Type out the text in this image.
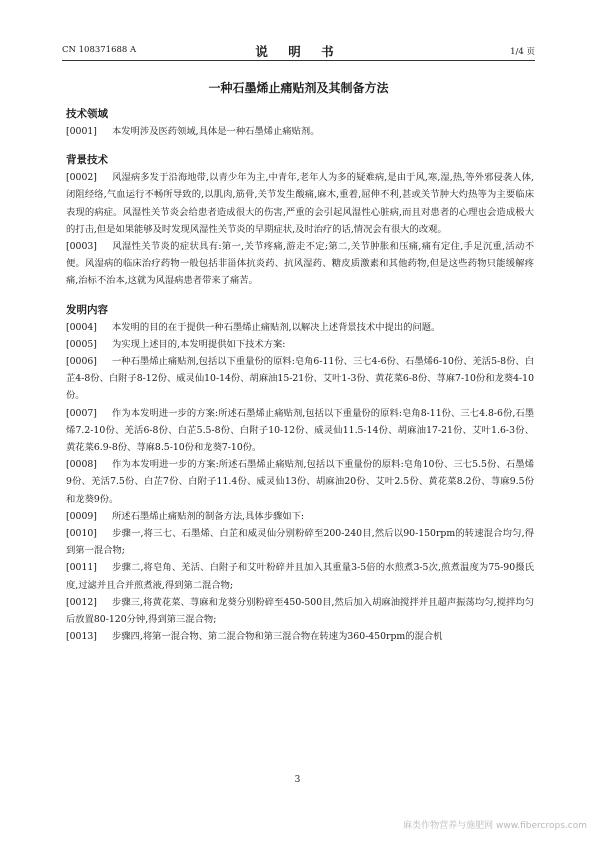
CN 108371688 A	说 明 书	1/4 页
一种石墨烯止痛贴剂及其制备方法
技术领域

[0001] 本发明涉及医药领域,具体是一种石墨烯止痛贴剂。

背景技术

[0002] 风湿病多发于沿海地带,以青少年为主,中青年,老年人为多的疑难病,是由于风,寒,湿,热,等外邪侵袭人体,闭阻经络,气血运行不畅所导致的,以肌肉,筋骨,关节发生酸痛,麻木,重着,屈伸不利,甚或关节肿大灼热等为主要临床表现的病症。风湿性关节炎会给患者造成很大的伤害,严重的会引起风湿性心脏病,而且对患者的心理也会造成极大的打击,但是如果能够及时发现风湿性关节炎的早期症状,及时治疗的话,情况会有很大的改观。

[0003] 风湿性关节炎的症状具有:第一,关节疼痛,游走不定;第二,关节肿胀和压痛,痛有定住,手足沉重,活动不便。风湿病的临床治疗药物一般包括非甾体抗炎药、抗风湿药、糖皮质激素和其他药物,但是这些药物只能缓解疼痛,治标不治本,这就为风湿病患者带来了痛苦。

发明内容

[0004] 本发明的目的在于提供一种石墨烯止痛贴剂,以解决上述背景技术中提出的问题。

[0005] 为实现上述目的,本发明提供如下技术方案:

[0006] 一种石墨烯止痛贴剂,包括以下重量份的原料:皂角6-11份、三七4-6份、石墨烯6-10份、羌活5-8份、白芷4-8份、白附子8-12份、威灵仙10-14份、胡麻油15-21份、艾叶1-3份、黄花菜6-8份、荨麻7-10份和龙葵4-10份。

[0007] 作为本发明进一步的方案:所述石墨烯止痛贴剂,包括以下重量份的原料:皂角8-11份、三七4.8-6份,石墨烯7.2-10份、羌活6-8份、白芷5.5-8份、白附子10-12份、威灵仙11.5-14份、胡麻油17-21份、艾叶1.6-3份、黄花菜6.9-8份、荨麻8.5-10份和龙葵7-10份。

[0008] 作为本发明进一步的方案:所述石墨烯止痛贴剂,包括以下重量份的原料:皂角10份、三七5.5份、石墨烯9份、羌活7.5份、白芷7份、白附子11.4份、威灵仙13份、胡麻油20份、艾叶2.5份、黄花菜8.2份、荨麻9.5份和龙葵9份。

[0009] 所述石墨烯止痛贴剂的制备方法,具体步骤如下:

[0010] 步骤一,将三七、石墨烯、白芷和威灵仙分别粉碎至200-240目,然后以90-150rpm的转速混合均匀,得到第一混合物;

[0011] 步骤二,将皂角、羌活、白附子和艾叶粉碎并且加入其重量3-5倍的水煎煮3-5次,煎煮温度为75-90摄氏度,过滤并且合并煎煮液,得到第二混合物;

[0012] 步骤三,将黄花菜、荨麻和龙葵分别粉碎至450-500目,然后加入胡麻油搅拌并且超声振荡均匀,搅拌均匀后放置80-120分钟,得到第三混合物;

[0013] 步骤四,将第一混合物、第二混合物和第三混合物在转速为360-450rpm的混合机

3
麻类作物营养与施肥网 www.fibercrops.com
